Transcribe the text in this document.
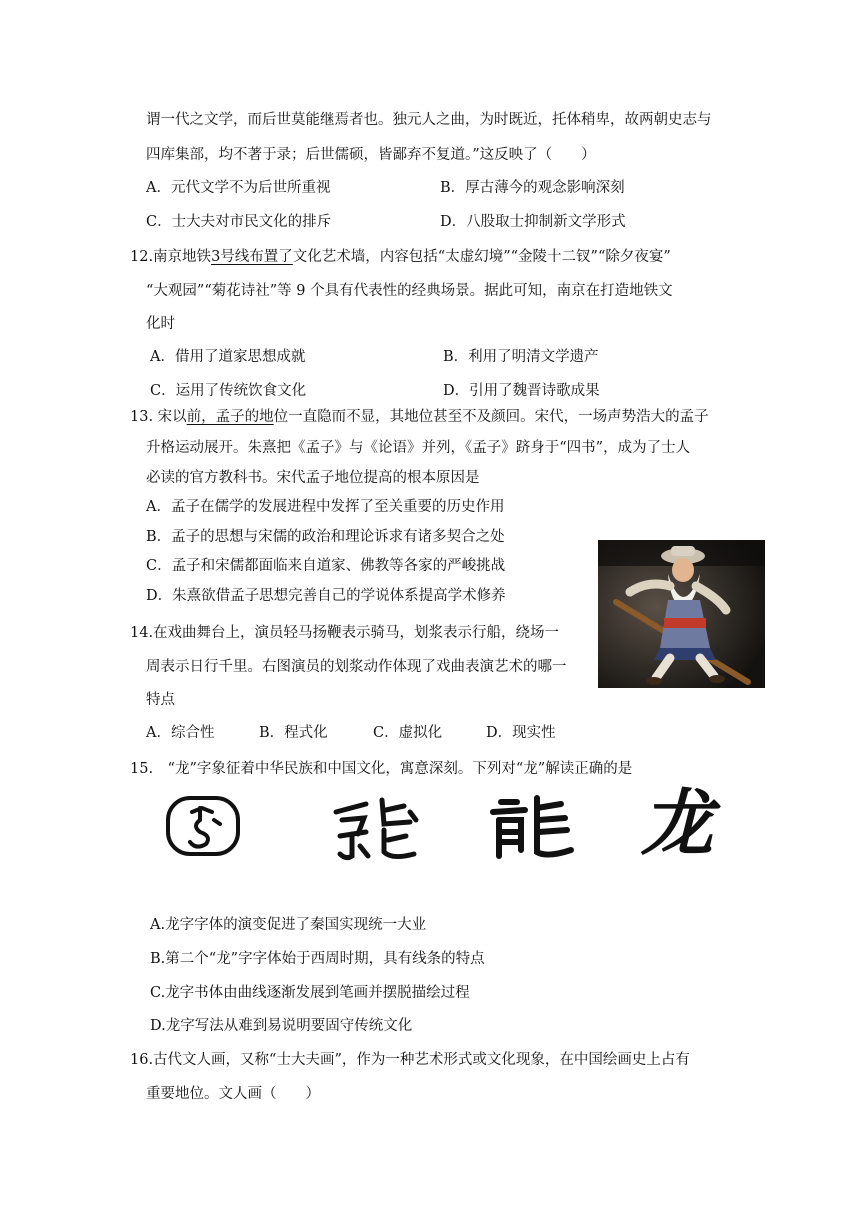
谓一代之文学，而后世莫能继焉者也。独元人之曲，为时既近，托体稍卑，故两朝史志与
四库集部，均不著于录；后世儒硕，皆鄙弃不复道。”这反映了（　　）
A．元代文学不为后世所重视	B．厚古薄今的观念影响深刻
C．士大夫对市民文化的排斥	D．八股取士抑制新文学形式
12.南京地铁3号线布置了文化艺术墙，内容包括“太虚幻境”“金陵十二钗”“除夕夜宴”
“大观园”“菊花诗社”等 9 个具有代表性的经典场景。据此可知，南京在打造地铁文
化时
A．借用了道家思想成就	B．利用了明清文学遗产
C．运用了传统饮食文化	D．引用了魏晋诗歌成果
13. 宋以前，孟子的地位一直隐而不显，其地位甚至不及颜回。宋代，一场声势浩大的孟子
升格运动展开。朱熹把《孟子》与《论语》并列，《孟子》跻身于“四书”，成为了士人
必读的官方教科书。宋代孟子地位提高的根本原因是
A．孟子在儒学的发展进程中发挥了至关重要的历史作用
B．孟子的思想与宋儒的政治和理论诉求有诸多契合之处
C．孟子和宋儒都面临来自道家、佛教等各家的严峻挑战
D．朱熹欲借孟子思想完善自己的学说体系提高学术修养
14.在戏曲舞台上，演员轻马扬鞭表示骑马，划浆表示行船，绕场一
周表示日行千里。右图演员的划浆动作体现了戏曲表演艺术的哪一
特点
A．综合性	B．程式化	C．虚拟化	D．现实性
15.　“龙”字象征着中华民族和中国文化，寓意深刻。下列对“龙”解读正确的是
龙
A.龙字字体的演变促进了秦国实现统一大业
B.第二个“龙”字字体始于西周时期，具有线条的特点
C.龙字书体由曲线逐渐发展到笔画并摆脱描绘过程
D.龙字写法从难到易说明要固守传统文化
16.古代文人画，又称“士大夫画”，作为一种艺术形式或文化现象，在中国绘画史上占有
重要地位。文人画（　　）
